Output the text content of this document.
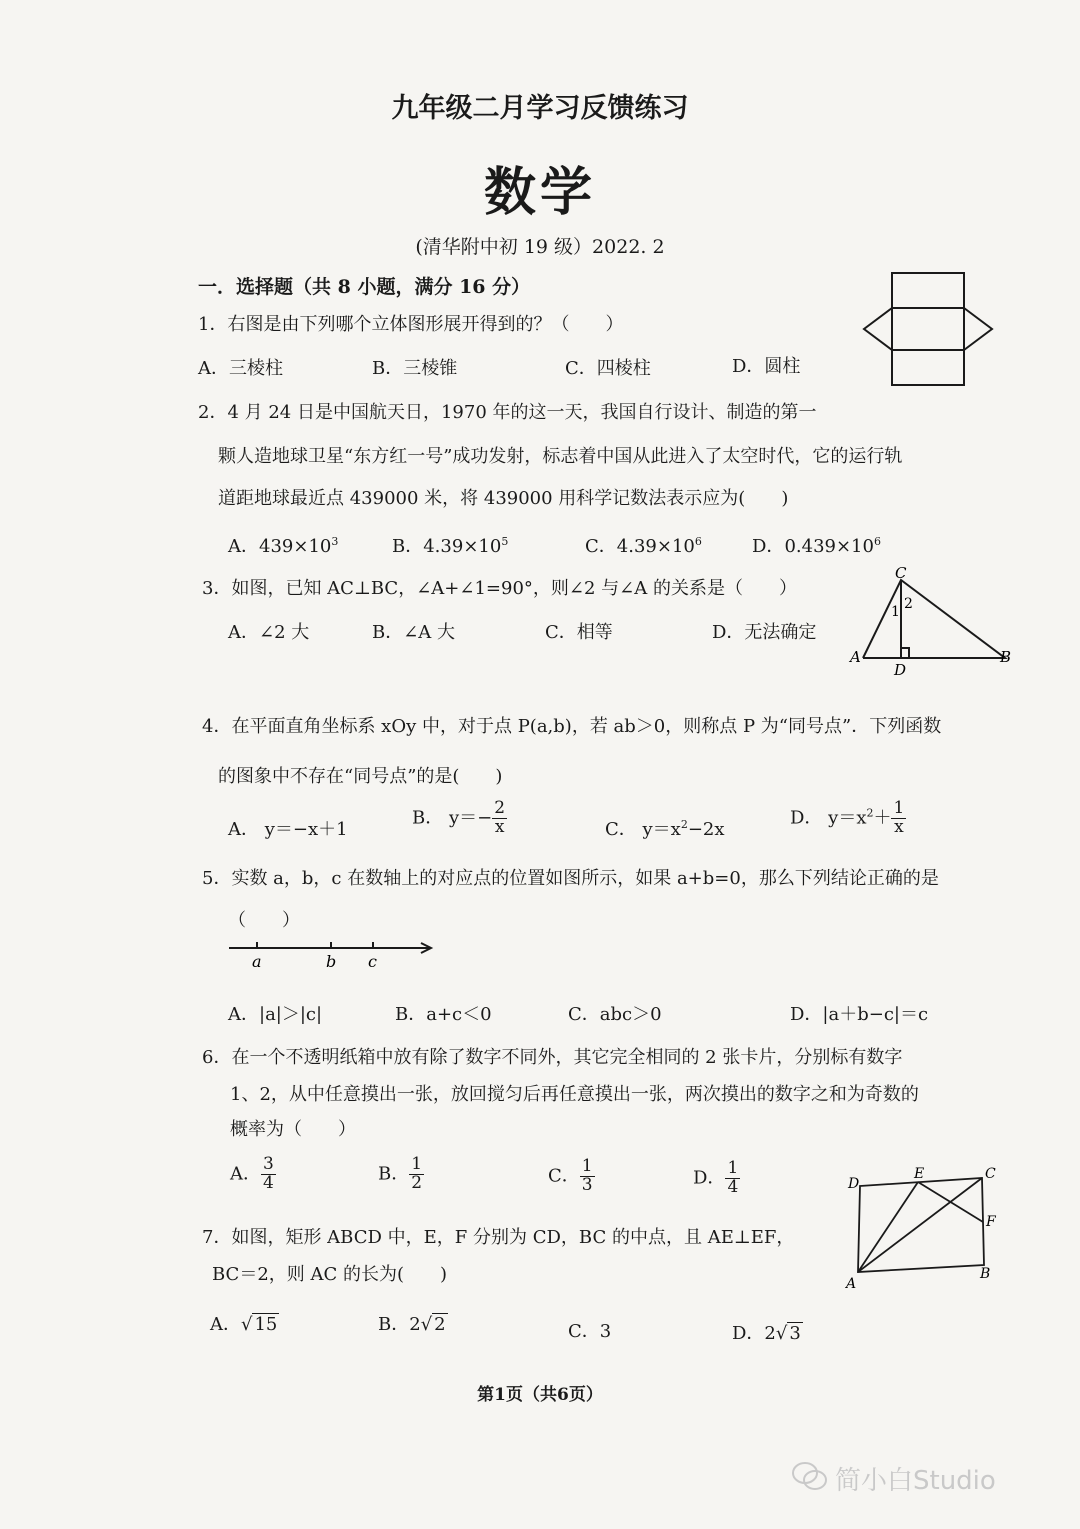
九年级二月学习反馈练习
数学
(清华附中初 19 级）2022. 2
一．选择题（共 8 小题，满分 16 分）
1．右图是由下列哪个立体图形展开得到的？（　　）
A．三棱柱	B．三棱锥	C．四棱柱	D．圆柱
2．4 月 24 日是中国航天日，1970 年的这一天，我国自行设计、制造的第一
颗人造地球卫星“东方红一号”成功发射，标志着中国从此进入了太空时代，它的运行轨
道距地球最近点 439000 米，将 439000 用科学记数法表示应为(　　)
A．$439\times 10^3$	B．$4.39\times 10^5$	C．$4.39\times 10^6$	D．$0.439\times 10^6$
3．如图，已知 AC⊥BC，∠A+∠1=90°，则∠2 与∠A 的关系是（　　）
A．∠2 大	B．∠A 大	C．相等	D．无法确定
C
A	B
D
1 2
4．在平面直角坐标系 xOy 中，对于点 P(a,b)，若 ab＞0，则称点 P 为“同号点”．下列函数
的图象中不存在“同号点”的是(　　)
A． y＝−x＋1
B． $y=- \frac{2}{x}$	C． $y=x^2-2x$
D． $y=x^2+ \frac{1}{x}$
5．实数 a，b，c 在数轴上的对应点的位置如图所示，如果 a+b=0，那么下列结论正确的是
（　　）
a	b c
A．|a|＞|c|	B．a+c＜0	C．abc＞0	D．|a＋b−c|＝c
6．在一个不透明纸箱中放有除了数字不同外，其它完全相同的 2 张卡片，分别标有数字
1、2，从中任意摸出一张，放回搅匀后再任意摸出一张，两次摸出的数字之和为奇数的
概率为（　　）
A． $\frac{3}{4}$	B． $\frac{1}{2}$	C． $\frac{1}{3}$	D． $\frac{1}{4}$
7．如图，矩形 ABCD 中，E，F 分别为 CD，BC 的中点，且 AE⊥EF，
BC＝2，则 AC 的长为(　　)
A．√ 15	B．2√ 2	C．3	D．2√ 3
D
E	C
F
A
B
第1页（共6页）
简小白Studio
